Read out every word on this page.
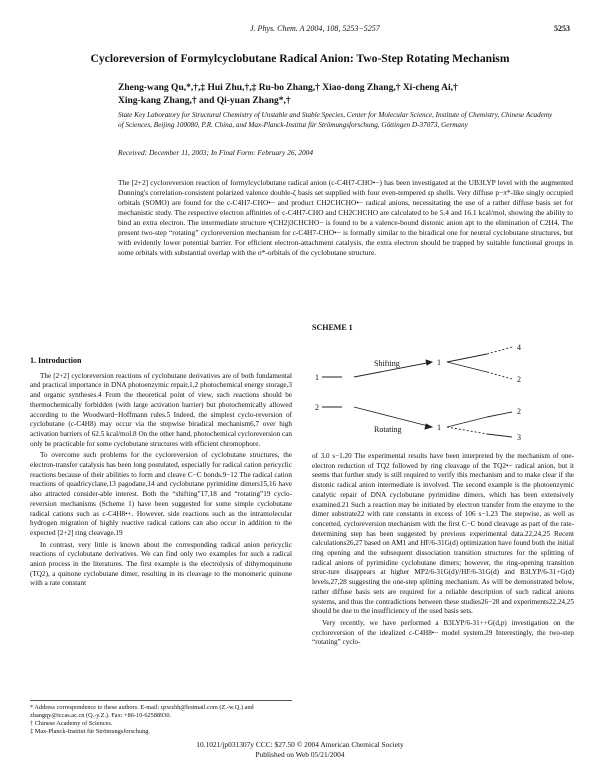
J. Phys. Chem. A 2004, 108, 5253−5257	5253
Cycloreversion of Formylcyclobutane Radical Anion: Two-Step Rotating Mechanism
Zheng-wang Qu,*,†,‡ Hui Zhu,†,‡ Ru-bo Zhang,† Xiao-dong Zhang,† Xi-cheng Ai,†
Xing-kang Zhang,† and Qi-yuan Zhang*,†
State Key Laboratory for Structural Chemistry of Unstable and Stable Species, Center for Molecular Science, Institute of Chemistry, Chinese Academy of Sciences, Beijing 100080, P.R. China, and Max-Planck-Institut für Strömungsforschung, Göttingen D-37073, Germany
Received: December 11, 2003; In Final Form: February 26, 2004
The [2+2] cycloreversion reaction of formylcyclobutane radical anion (c-C4H7-CHO•−) has been investigated at the UB3LYP level with the augmented Dunning's correlation-consistent polarized valence double-ζ basis set supplied with four even-tempered sp shells. Very diffuse p−π*-like singly occupied orbitals (SOMO) are found for the c-C4H7-CHO•− and product CH2CHCHO•− radical anions, necessitating the use of a rather diffuse basis set for mechanistic study. The respective electron affinities of c-C4H7-CHO and CH2CHCHO are calculated to be 5.4 and 16.1 kcal/mol, showing the ability to bind an extra electron. The intermediate structure •(CH2)3CHCHO− is found to be a valence-bound distonic anion apt to the elimination of C2H4. The present two-step “rotating” cycloreversion mechanism for c-C4H7-CHO•− is formally similar to the biradical one for neutral cyclobutane structures, but with evidently lower potential barrier. For efficient electron-attachment catalysis, the extra electron should be trapped by suitable functional groups in some orbitals with substantial overlap with the σ*-orbitals of the cyclobutane structure.

1. Introduction

The [2+2] cycloreversion reactions of cyclobutane derivatives are of both fundamental and practical importance in DNA photoenzymic repair,1,2 photochemical energy storage,3 and organic syntheses.4 From the theoretical point of view, such reactions should be thermochemically forbidden (with large activation barrier) but photochemically allowed according to the Woodward−Hoffmann rules.5 Indeed, the simplest cyclo-reversion of cyclobutane (c-C4H8) may occur via the stepwise biradical mechanism6,7 over high activation barriers of 62.5 kcal/mol.8 On the other hand, photochemical cycloreversion can only be practicable for some cyclobutane structures with efficient chromophore.

To overcome such problems for the cycloreversion of cyclobutane structures, the electron-transfer catalysis has been long postulated, especially for radical cation pericyclic reactions because of their abilities to form and cleave C−C bonds.9−12 The radical cation reactions of quadricyclane,13 pagodane,14 and cyclobutane pyrimidine dimers15,16 have also attracted consider-able interest. Both the “shifting”17,18 and “rotating”19 cyclo-reversion mechanisms (Scheme 1) have been suggested for some simple cyclobutane radical cations such as c-C4H8•+. However, side reactions such as the intramolecular hydrogen migration of highly reactive radical cations can also occur in addition to the expected [2+2] ring cleavage.19

In contrast, very little is known about the corresponding radical anion pericyclic reactions of cyclobutane derivatives. We can find only two examples for such a radical anion process in the literatures. The first example is the electrolysis of dithymoquinone (TQ2), a quinone cyclobutane dimer, resulting in its cleavage to the monomeric quinone with a rate constant

SCHEME 1
Shifting
Rotating
1
2
4
2
1
1
2
3

of 3.0 s−1.20 The experimental results have been interpreted by the mechanism of one-electron reduction of TQ2 followed by ring cleavage of the TQ2•− radical anion, but it seems that further study is still required to verify this mechanism and to make clear if the distonic radical anion intermediate is involved. The second example is the photoenzymic catalytic repair of DNA cyclobutane pyrimidine dimers, which has been extensively examined.21 Such a reaction may be initiated by electron transfer from the enzyme to the dimer substrate22 with rate constants in excess of 106 s−1.23 The stepwise, as well as concerted, cycloreversion mechanism with the first C−C bond cleavage as part of the rate-determining step has been suggested by previous experimental data.22,24,25 Recent calculations26,27 based on AM1 and HF/6-31G(d) optimization have found both the initial ring opening and the subsequent dissociation transition structures for the splitting of radical anions of pyrimidine cyclobutane dimers; however, the ring-opening transition struc-ture disappears at higher MP2/6-31G(d)//HF/6-31G(d) and B3LYP/6-31+G(d) levels,27,28 suggesting the one-step splitting mechanism. As will be demonstrated below, rather diffuse basis sets are required for a reliable description of such radical anions systems, and thus the contradictions between these studies26−28 and experiments22,24,25 should be due to the insufficiency of the used basis sets.

Very recently, we have performed a B3LYP/6-31++G(d,p) investigation on the cycloreversion of the idealized c-C4H8•− model system.29 Interestingly, the two-step “rotating” cyclo-

* Address correspondence to these authors. E-mail: qzwzhh@hotmail.com (Z.-w.Q.) and zhangqy@iccas.ac.cn (Q.-y.Z.). Fax: +86-10-62588930.
† Chinese Academy of Sciences.
‡ Max-Planck-Institut für Strömungsforschung.
10.1021/jp031307y CCC: $27.50 © 2004 American Chemical Society
Published on Web 05/21/2004
